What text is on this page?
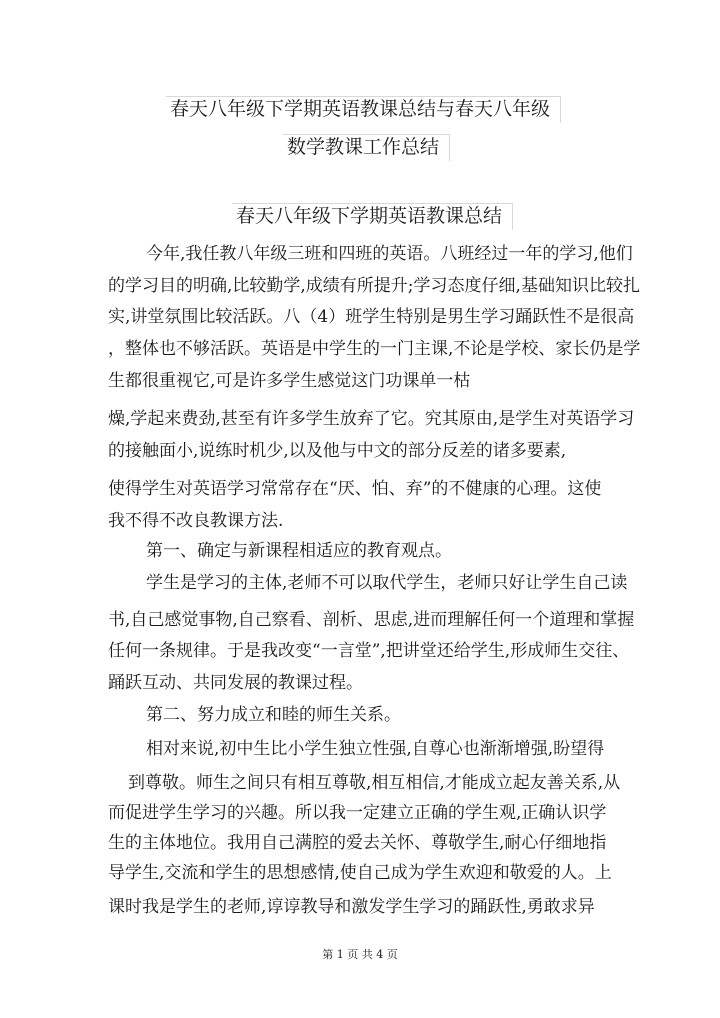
春天八年级下学期英语教课总结与春天八年级
数学教课工作总结
春天八年级下学期英语教课总结
今年,我任教八年级三班和四班的英语。八班经过一年的学习,他们
的学习目的明确,比较勤学,成绩有所提升;学习态度仔细,基础知识比较扎
实,讲堂氛围比较活跃。八（4）班学生特别是男生学习踊跃性不是很高
，整体也不够活跃。英语是中学生的一门主课,不论是学校、家长仍是学
生都很重视它,可是许多学生感觉这门功课单一枯
燥,学起来费劲,甚至有许多学生放弃了它。究其原由,是学生对英语学习
的接触面小,说练时机少,以及他与中文的部分反差的诸多要素,
使得学生对英语学习常常存在“厌、怕、弃”的不健康的心理。这使
我不得不改良教课方法.
第一、确定与新课程相适应的教育观点。
学生是学习的主体,老师不可以取代学生，老师只好让学生自己读
书,自己感觉事物,自己察看、剖析、思虑,进而理解任何一个道理和掌握
任何一条规律。于是我改变“一言堂”,把讲堂还给学生,形成师生交往、
踊跃互动、共同发展的教课过程。
第二、努力成立和睦的师生关系。
相对来说,初中生比小学生独立性强,自尊心也渐渐增强,盼望得
到尊敬。师生之间只有相互尊敬,相互相信,才能成立起友善关系,从
而促进学生学习的兴趣。所以我一定建立正确的学生观,正确认识学
生的主体地位。我用自己满腔的爱去关怀、尊敬学生,耐心仔细地指
导学生,交流和学生的思想感情,使自己成为学生欢迎和敬爱的人。上
课时我是学生的老师,谆谆教导和激发学生学习的踊跃性,勇敢求异
第 1 页 共 4 页
